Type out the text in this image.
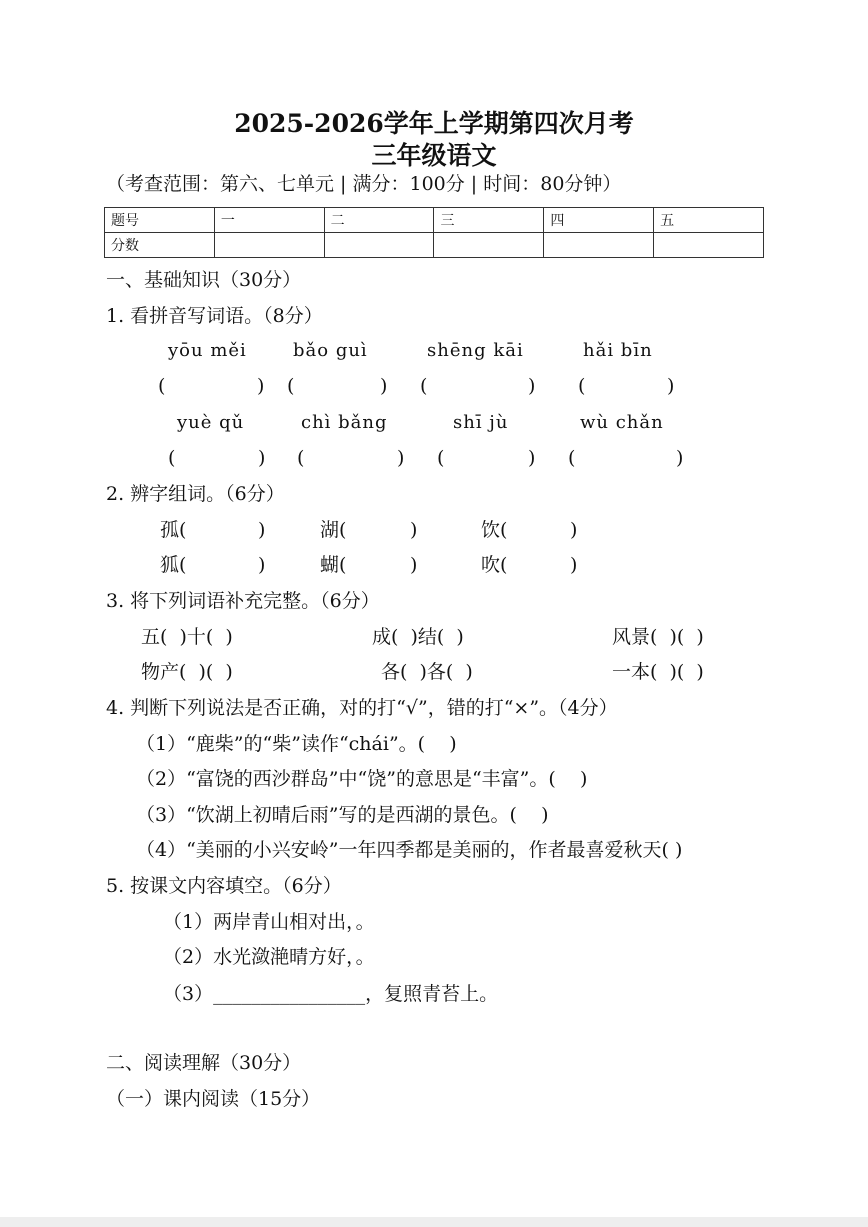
2025-2026学年上学期第四次月考
三年级语文
（考查范围：第六、七单元 | 满分：100分 | 时间：80分钟）
题号	一	二	三	四	五
分数					
一、基础知识（30分）
1. 看拼音写词语。（8分）
yōu měi	bǎo guì	shēng kāi	hǎi bīn
(	) (	) (	) (	)
yuè qǔ	chì bǎng	shī jù	wù chǎn
(	) (	) (	) (	)
2. 辨字组词。（6分）
孤(	)	湖(	)	饮(	)
狐(	)	蝴(	)	吹(	)
3. 将下列词语补充完整。（6分）
五(  )十(  )	成(  )结(  )	风景(  )(  )
物产(  )(  )	各(  )各(  )	一本(  )(  )
4. 判断下列说法是否正确，对的打“√”，错的打“×”。（4分）
（1）“鹿柴”的“柴”读作“chái”。(    )
（2）“富饶的西沙群岛”中“饶”的意思是“丰富”。(    )
（3）“饮湖上初晴后雨”写的是西湖的景色。(    )
（4）“美丽的小兴安岭”一年四季都是美丽的，作者最喜爱秋天( )
5. 按课文内容填空。（6分）
（1）两岸青山相对出，。
（2）水光潋滟晴方好，。
（3）________________，复照青苔上。
二、阅读理解（30分）
（一）课内阅读（15分）
